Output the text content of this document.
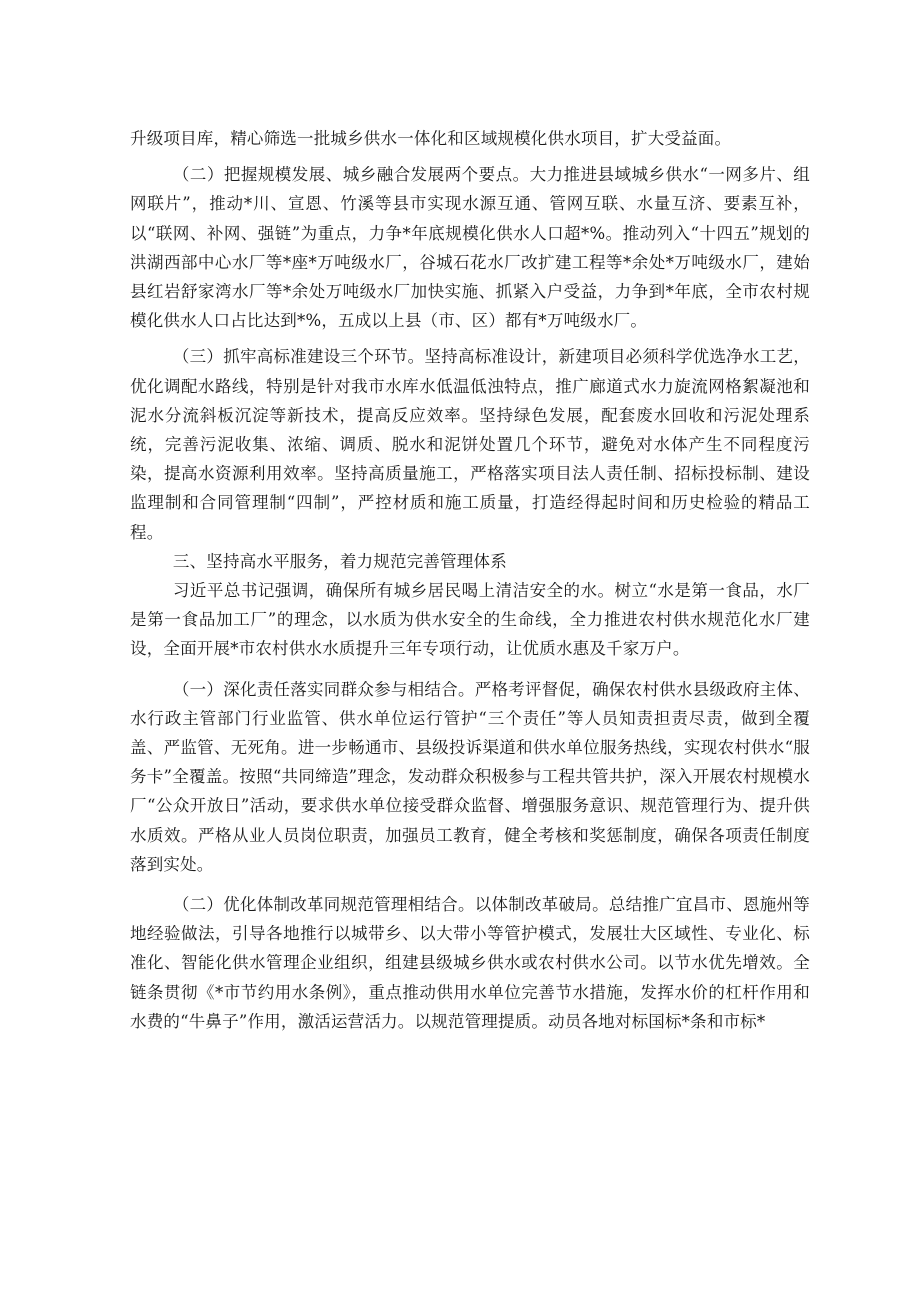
升级项目库，精心筛选一批城乡供水一体化和区域规模化供水项目，扩大受益面。

（二）把握规模发展、城乡融合发展两个要点。大力推进县域城乡供水“一网多片、组网联片”，推动*川、宣恩、竹溪等县市实现水源互通、管网互联、水量互济、要素互补，以“联网、补网、强链”为重点，力争*年底规模化供水人口超*%。推动列入“十四五”规划的洪湖西部中心水厂等*座*万吨级水厂，谷城石花水厂改扩建工程等*余处*万吨级水厂，建始县红岩舒家湾水厂等*余处万吨级水厂加快实施、抓紧入户受益，力争到*年底，全市农村规模化供水人口占比达到*%，五成以上县（市、区）都有*万吨级水厂。

（三）抓牢高标准建设三个环节。坚持高标准设计，新建项目必须科学优选净水工艺，优化调配水路线，特别是针对我市水库水低温低浊特点，推广廊道式水力旋流网格絮凝池和泥水分流斜板沉淀等新技术，提高反应效率。坚持绿色发展，配套废水回收和污泥处理系统，完善污泥收集、浓缩、调质、脱水和泥饼处置几个环节，避免对水体产生不同程度污染，提高水资源利用效率。坚持高质量施工，严格落实项目法人责任制、招标投标制、建设监理制和合同管理制“四制”，严控材质和施工质量，打造经得起时间和历史检验的精品工程。

三、坚持高水平服务，着力规范完善管理体系

习近平总书记强调，确保所有城乡居民喝上清洁安全的水。树立“水是第一食品，水厂是第一食品加工厂”的理念，以水质为供水安全的生命线，全力推进农村供水规范化水厂建设，全面开展*市农村供水水质提升三年专项行动，让优质水惠及千家万户。

（一）深化责任落实同群众参与相结合。严格考评督促，确保农村供水县级政府主体、水行政主管部门行业监管、供水单位运行管护“三个责任”等人员知责担责尽责，做到全覆盖、严监管、无死角。进一步畅通市、县级投诉渠道和供水单位服务热线，实现农村供水“服务卡”全覆盖。按照“共同缔造”理念，发动群众积极参与工程共管共护，深入开展农村规模水厂“公众开放日”活动，要求供水单位接受群众监督、增强服务意识、规范管理行为、提升供水质效。严格从业人员岗位职责，加强员工教育，健全考核和奖惩制度，确保各项责任制度落到实处。

（二）优化体制改革同规范管理相结合。以体制改革破局。总结推广宜昌市、恩施州等地经验做法，引导各地推行以城带乡、以大带小等管护模式，发展壮大区域性、专业化、标准化、智能化供水管理企业组织，组建县级城乡供水或农村供水公司。以节水优先增效。全链条贯彻《*市节约用水条例》，重点推动供用水单位完善节水措施，发挥水价的杠杆作用和水费的“牛鼻子”作用，激活运营活力。以规范管理提质。动员各地对标国标*条和市标*
